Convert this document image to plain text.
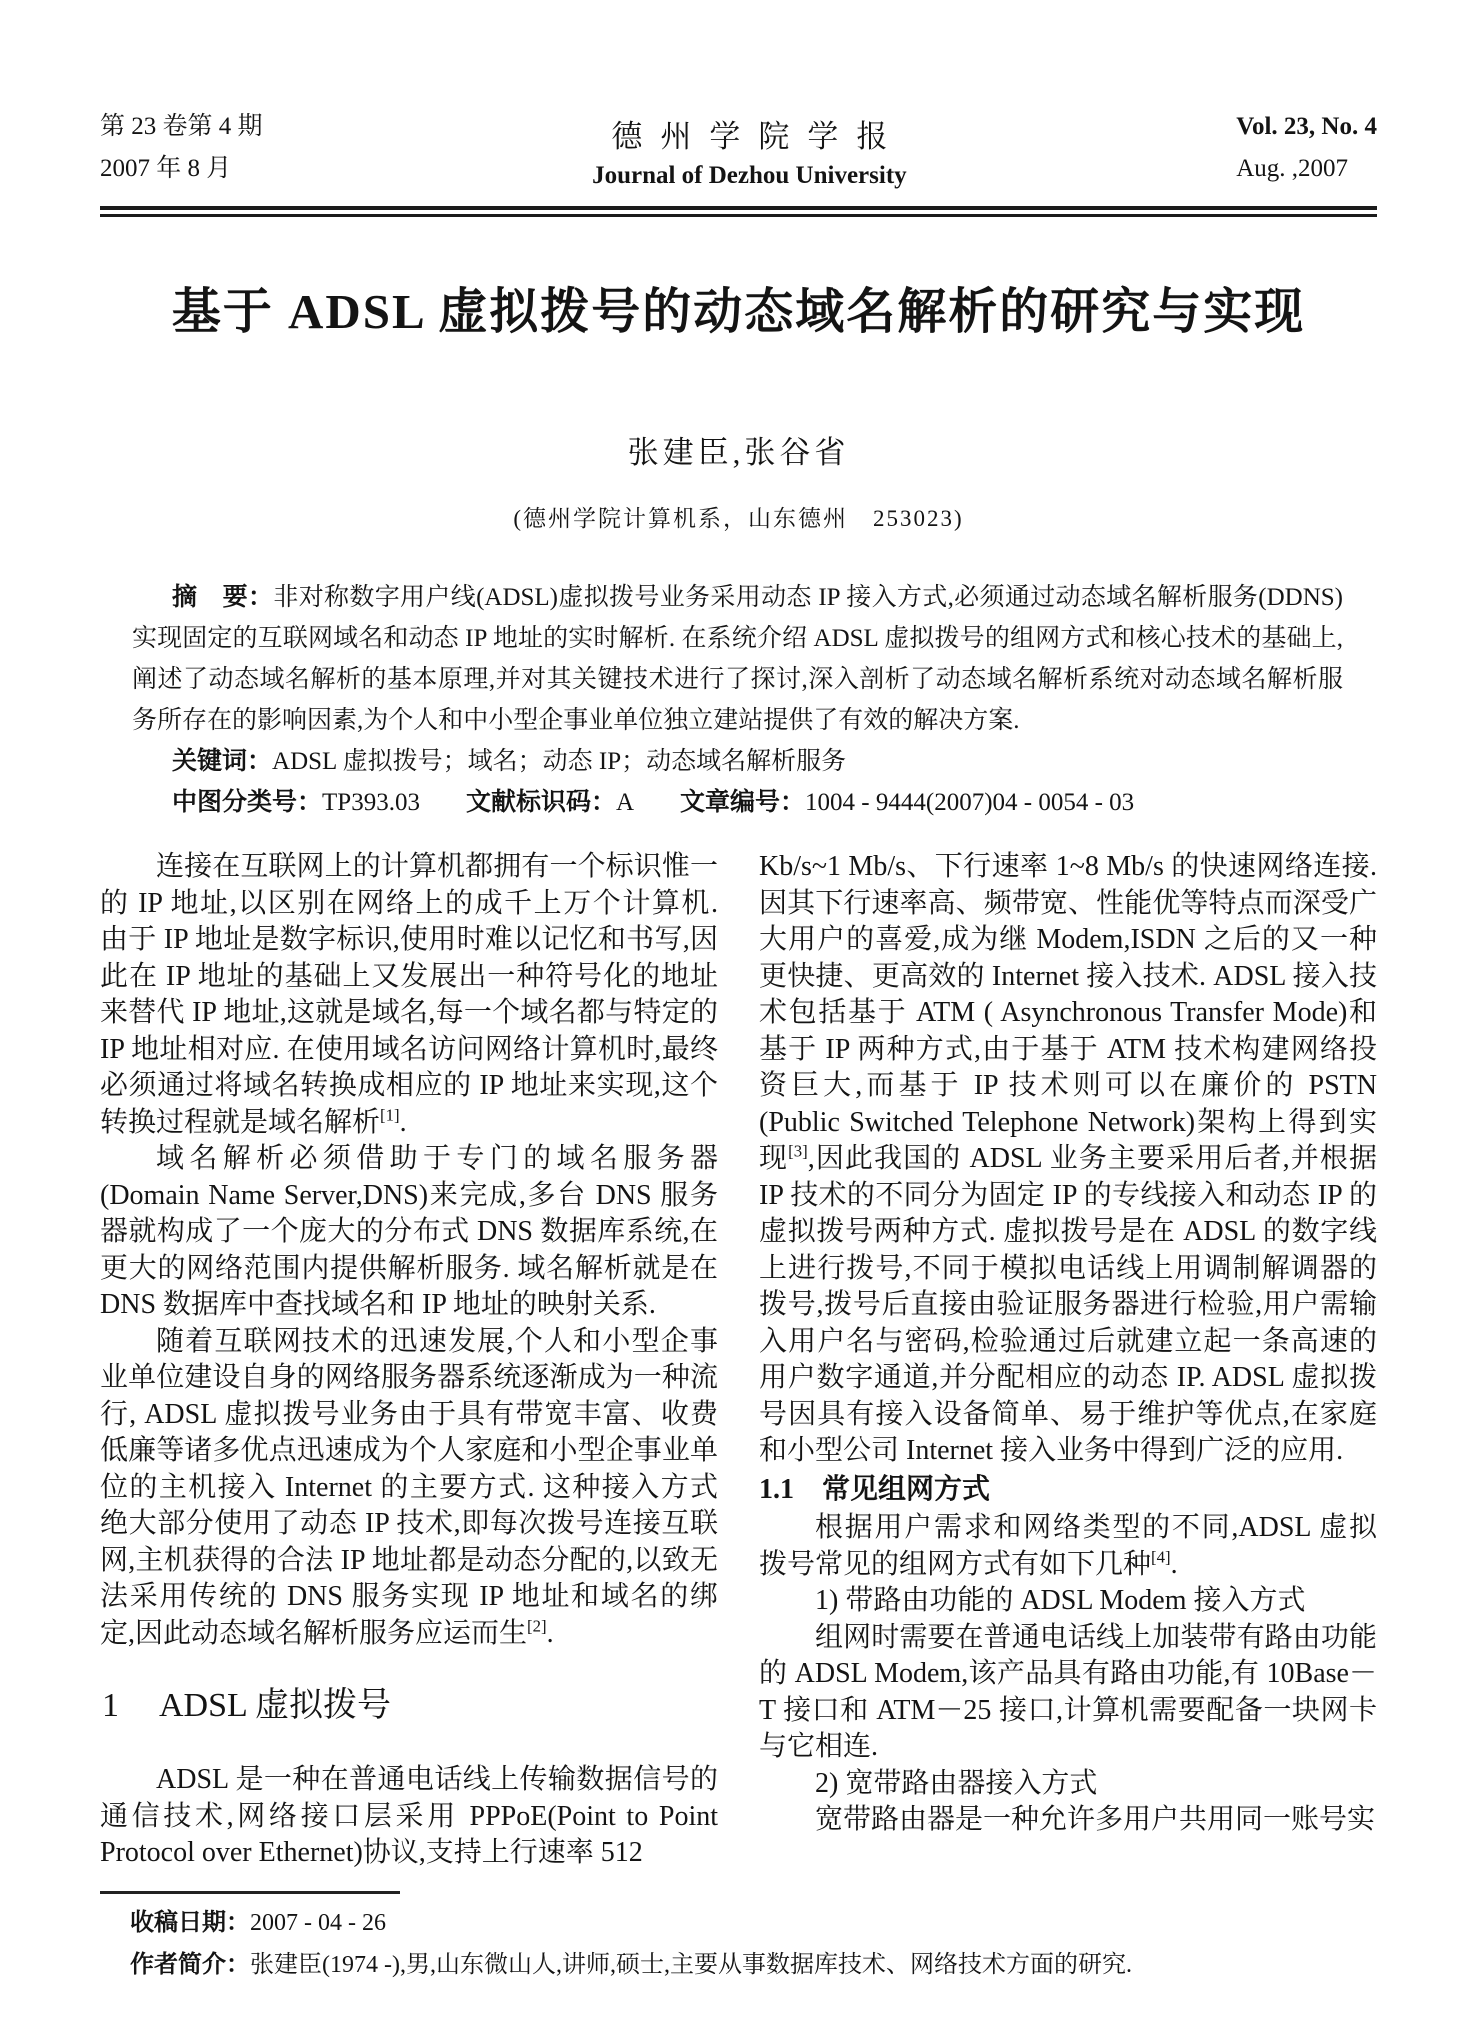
第 23 卷第 4 期
2007 年 8 月
德州学院学报
Journal of Dezhou University
Vol. 23, No. 4
Aug. ,2007
基于 ADSL 虚拟拨号的动态域名解析的研究与实现
张建臣,张谷省
(德州学院计算机系，山东德州　253023)

摘　要：非对称数字用户线(ADSL)虚拟拨号业务采用动态 IP 接入方式,必须通过动态域名解析服务(DDNS)实现固定的互联网域名和动态 IP 地址的实时解析. 在系统介绍 ADSL 虚拟拨号的组网方式和核心技术的基础上,阐述了动态域名解析的基本原理,并对其关键技术进行了探讨,深入剖析了动态域名解析系统对动态域名解析服务所存在的影响因素,为个人和中小型企事业单位独立建站提供了有效的解决方案.

关键词：ADSL 虚拟拨号；域名；动态 IP；动态域名解析服务

中图分类号：TP393.03 文献标识码：A 文章编号：1004 - 9444(2007)04 - 0054 - 03

连接在互联网上的计算机都拥有一个标识惟一的 IP 地址,以区别在网络上的成千上万个计算机. 由于 IP 地址是数字标识,使用时难以记忆和书写,因此在 IP 地址的基础上又发展出一种符号化的地址来替代 IP 地址,这就是域名,每一个域名都与特定的 IP 地址相对应. 在使用域名访问网络计算机时,最终必须通过将域名转换成相应的 IP 地址来实现,这个转换过程就是域名解析[1].
域名解析必须借助于专门的域名服务器(Domain Name Server,DNS)来完成,多台 DNS 服务器就构成了一个庞大的分布式 DNS 数据库系统,在更大的网络范围内提供解析服务. 域名解析就是在 DNS 数据库中查找域名和 IP 地址的映射关系.
随着互联网技术的迅速发展,个人和小型企事业单位建设自身的网络服务器系统逐渐成为一种流行, ADSL 虚拟拨号业务由于具有带宽丰富、收费低廉等诸多优点迅速成为个人家庭和小型企事业单位的主机接入 Internet 的主要方式. 这种接入方式绝大部分使用了动态 IP 技术,即每次拨号连接互联网,主机获得的合法 IP 地址都是动态分配的,以致无法采用传统的 DNS 服务实现 IP 地址和域名的绑定,因此动态域名解析服务应运而生[2].
1 ADSL 虚拟拨号
ADSL 是一种在普通电话线上传输数据信号的通信技术,网络接口层采用 PPPoE(Point to Point Protocol over Ethernet)协议,支持上行速率 512
Kb/s~1 Mb/s、下行速率 1~8 Mb/s 的快速网络连接. 因其下行速率高、频带宽、性能优等特点而深受广大用户的喜爱,成为继 Modem,ISDN 之后的又一种更快捷、更高效的 Internet 接入技术. ADSL 接入技术包括基于 ATM ( Asynchronous Transfer Mode)和基于 IP 两种方式,由于基于 ATM 技术构建网络投资巨大,而基于 IP 技术则可以在廉价的 PSTN (Public Switched Telephone Network)架构上得到实现[3],因此我国的 ADSL 业务主要采用后者,并根据 IP 技术的不同分为固定 IP 的专线接入和动态 IP 的虚拟拨号两种方式. 虚拟拨号是在 ADSL 的数字线上进行拨号,不同于模拟电话线上用调制解调器的拨号,拨号后直接由验证服务器进行检验,用户需输入用户名与密码,检验通过后就建立起一条高速的用户数字通道,并分配相应的动态 IP. ADSL 虚拟拨号因具有接入设备简单、易于维护等优点,在家庭和小型公司 Internet 接入业务中得到广泛的应用.
1.1 常见组网方式
根据用户需求和网络类型的不同,ADSL 虚拟拨号常见的组网方式有如下几种[4].
1) 带路由功能的 ADSL Modem 接入方式
组网时需要在普通电话线上加装带有路由功能的 ADSL Modem,该产品具有路由功能,有 10Base－T 接口和 ATM－25 接口,计算机需要配备一块网卡与它相连.
2) 宽带路由器接入方式
宽带路由器是一种允许多用户共用同一账号实
收稿日期：2007 - 04 - 26
作者简介：张建臣(1974 -),男,山东微山人,讲师,硕士,主要从事数据库技术、网络技术方面的研究.
